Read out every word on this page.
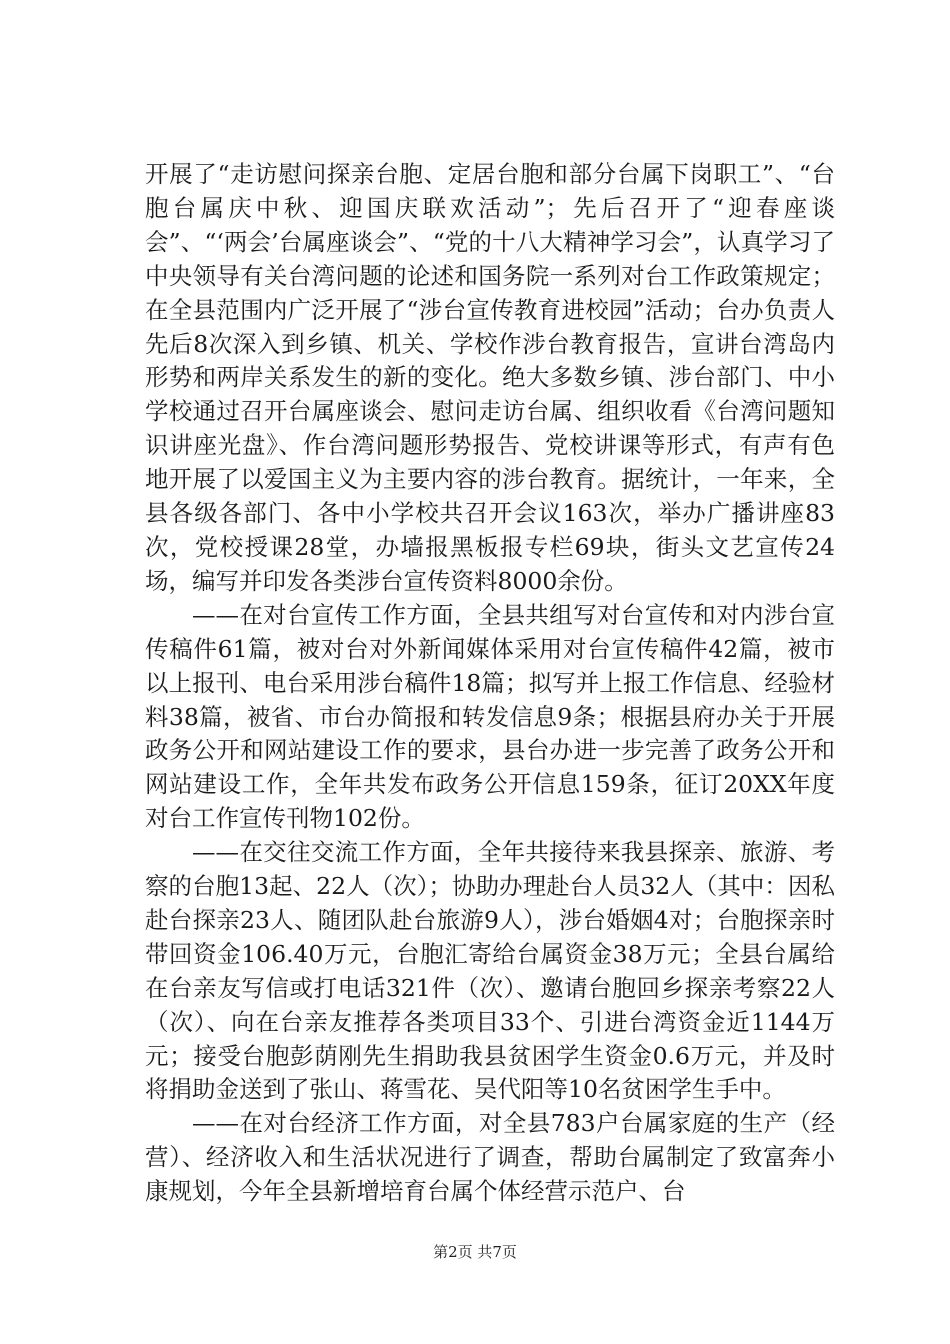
开展了“走访慰问探亲台胞、定居台胞和部分台属下岗职工”、“台胞台属庆中秋、迎国庆联欢活动”；先后召开了“迎春座谈会”、“‘两会’台属座谈会”、“党的十八大精神学习会”，认真学习了中央领导有关台湾问题的论述和国务院一系列对台工作政策规定；在全县范围内广泛开展了“涉台宣传教育进校园”活动；台办负责人先后8次深入到乡镇、机关、学校作涉台教育报告，宣讲台湾岛内形势和两岸关系发生的新的变化。绝大多数乡镇、涉台部门、中小学校通过召开台属座谈会、慰问走访台属、组织收看《台湾问题知识讲座光盘》、作台湾问题形势报告、党校讲课等形式，有声有色地开展了以爱国主义为主要内容的涉台教育。据统计，一年来，全县各级各部门、各中小学校共召开会议163次，举办广播讲座83次，党校授课28堂，办墙报黑板报专栏69块，街头文艺宣传24场，编写并印发各类涉台宣传资料8000余份。

——在对台宣传工作方面，全县共组写对台宣传和对内涉台宣传稿件61篇，被对台对外新闻媒体采用对台宣传稿件42篇，被市以上报刊、电台采用涉台稿件18篇；拟写并上报工作信息、经验材料38篇，被省、市台办简报和转发信息9条；根据县府办关于开展政务公开和网站建设工作的要求，县台办进一步完善了政务公开和网站建设工作，全年共发布政务公开信息159条，征订20XX年度对台工作宣传刊物102份。

——在交往交流工作方面，全年共接待来我县探亲、旅游、考察的台胞13起、22人（次）；协助办理赴台人员32人（其中：因私赴台探亲23人、随团队赴台旅游9人），涉台婚姻4对；台胞探亲时带回资金106.40万元，台胞汇寄给台属资金38万元；全县台属给在台亲友写信或打电话321件（次）、邀请台胞回乡探亲考察22人（次）、向在台亲友推荐各类项目33个、引进台湾资金近1144万元；接受台胞彭荫刚先生捐助我县贫困学生资金0.6万元，并及时将捐助金送到了张山、蒋雪花、吴代阳等10名贫困学生手中。

——在对台经济工作方面，对全县783户台属家庭的生产（经营）、经济收入和生活状况进行了调查，帮助台属制定了致富奔小康规划，今年全县新增培育台属个体经营示范户、台

第2页 共7页
